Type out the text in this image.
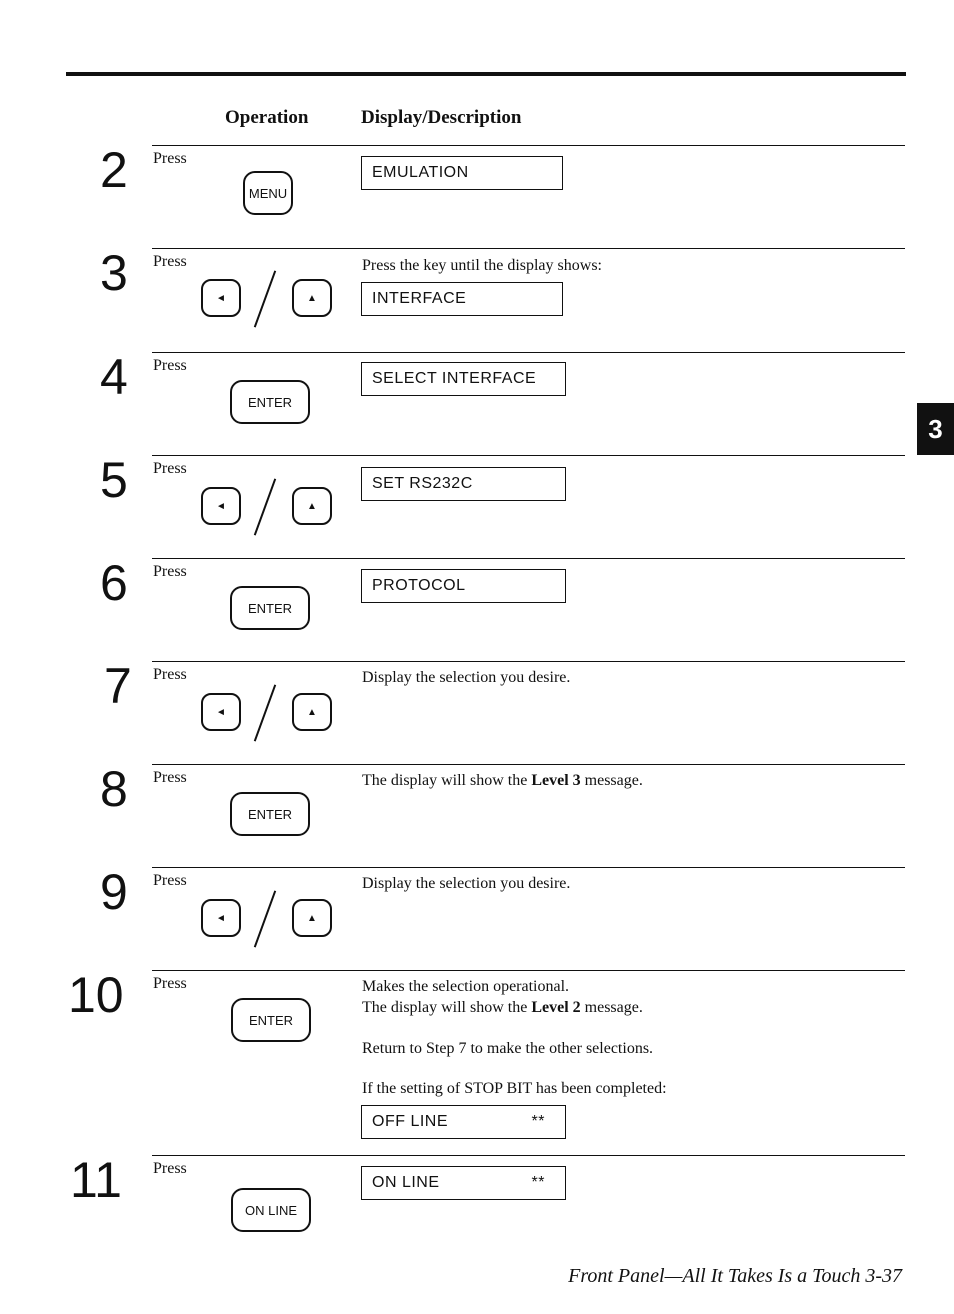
Operation	Display/Description
3
2 Press
MENU
EMULATION
3 Press
◄	▲
Press the key until the display shows:
INTERFACE
4 Press
ENTER
SELECT INTERFACE
5 Press
◄	▲
SET RS232C
6 Press
ENTER
PROTOCOL
7 Press
◄	▲
Display the selection you desire.
8 Press
ENTER
The display will show the Level 3 message.
9 Press
◄	▲
Display the selection you desire.
10 Press
ENTER
Makes the selection operational.
The display will show the Level 2 message.
Return to Step 7 to make the other selections.
If the setting of STOP BIT has been completed:
OFF LINE	**
11 Press
ON LINE
ON LINE	**
Front Panel—All It Takes Is a Touch 3-37
